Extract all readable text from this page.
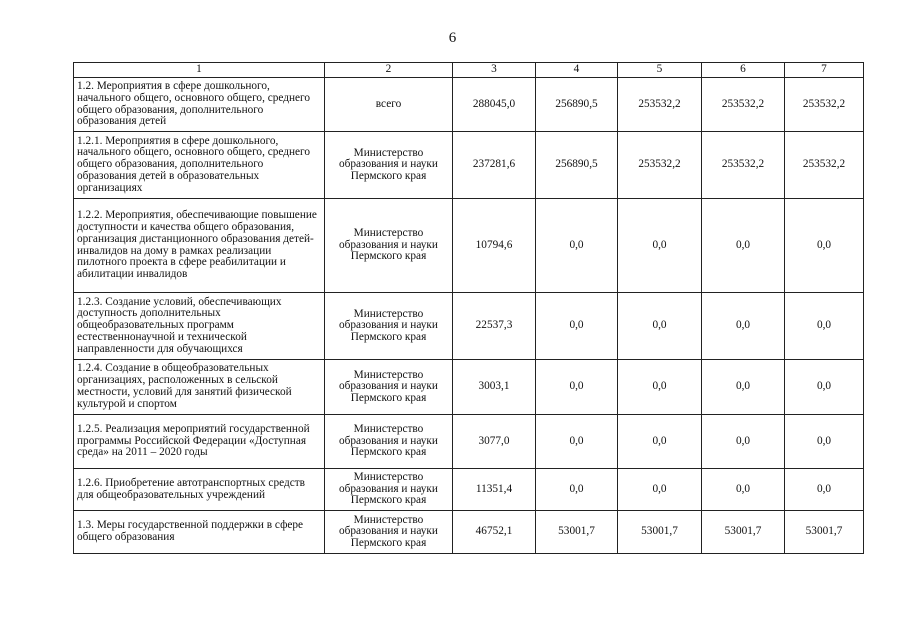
6
1	2	3	4	5	6	7
1.2. Мероприятия в сфере дошкольного, начального общего, основного общего, среднего общего образования, дополнительного образования детей	всего	288045,0	256890,5	253532,2	253532,2	253532,2
1.2.1. Мероприятия в сфере дошкольного, начального общего, основного общего, среднего общего образования, дополнительного образования детей в образовательных организациях	Министерство образования и науки Пермского края	237281,6	256890,5	253532,2	253532,2	253532,2
1.2.2. Мероприятия, обеспечивающие повышение доступности и качества общего образования, организация дистанционного образования детей-инвалидов на дому в рамках реализации пилотного проекта в сфере реабилитации и абилитации инвалидов	Министерство образования и науки Пермского края	10794,6	0,0	0,0	0,0	0,0
1.2.3. Создание условий, обеспечивающих доступность дополнительных общеобразовательных программ естественнонаучной и технической направленности для обучающихся	Министерство образования и науки Пермского края	22537,3	0,0	0,0	0,0	0,0
1.2.4. Создание в общеобразовательных организациях, расположенных в сельской местности, условий для занятий физической культурой и спортом	Министерство образования и науки Пермского края	3003,1	0,0	0,0	0,0	0,0
1.2.5. Реализация мероприятий государственной программы Российской Федерации «Доступная среда» на 2011 – 2020 годы	Министерство образования и науки Пермского края	3077,0	0,0	0,0	0,0	0,0
1.2.6. Приобретение автотранспортных средств для общеобразовательных учреждений	Министерство образования и науки Пермского края	11351,4	0,0	0,0	0,0	0,0
1.3. Меры государственной поддержки в сфере общего образования	Министерство образования и науки Пермского края	46752,1	53001,7	53001,7	53001,7	53001,7
